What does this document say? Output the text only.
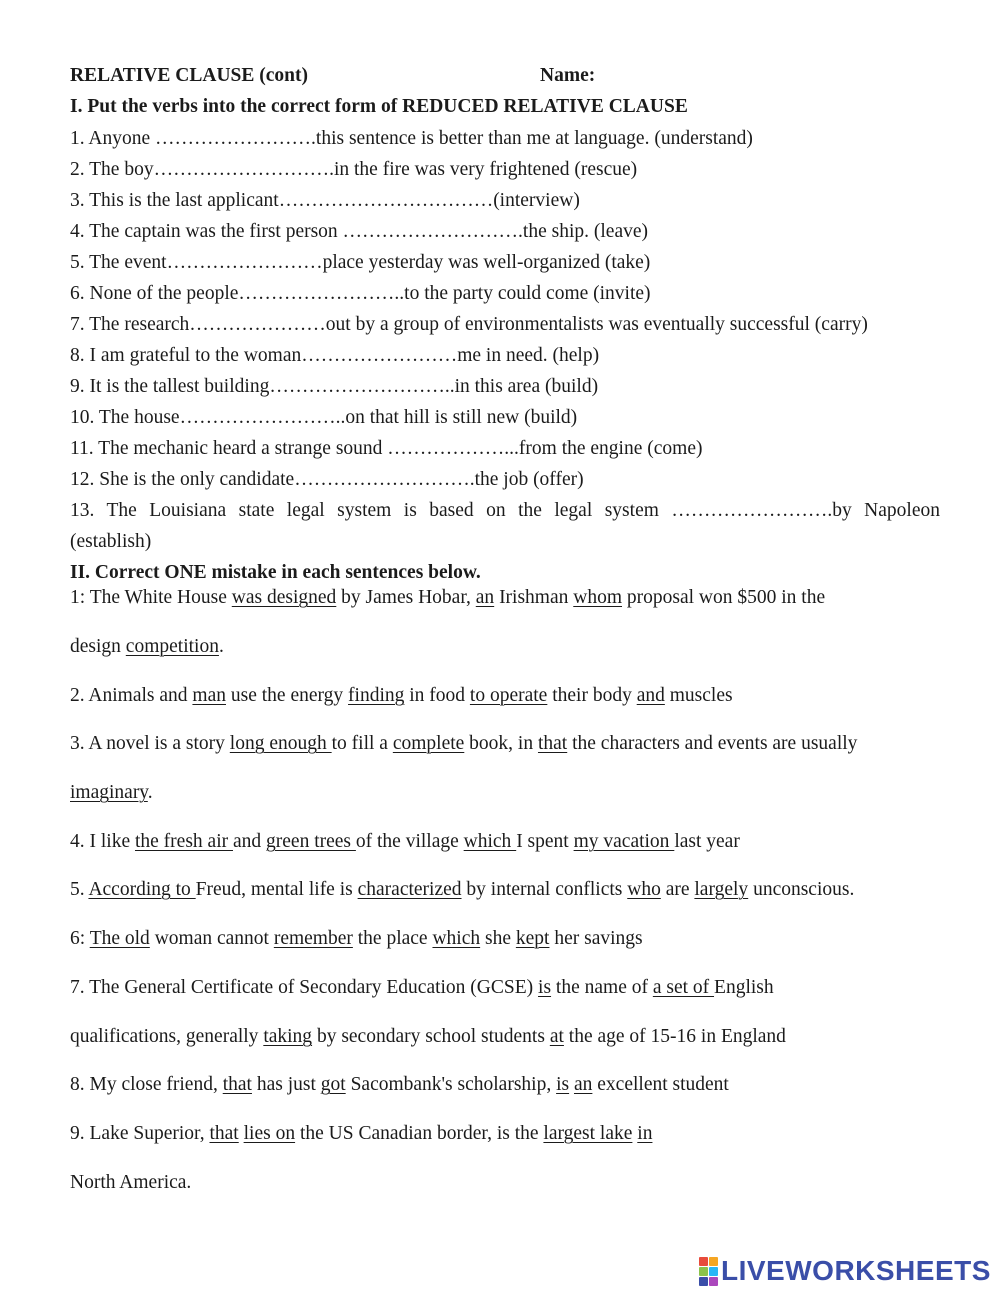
RELATIVE CLAUSE (cont)	Name:
I. Put the verbs into the correct form of REDUCED RELATIVE CLAUSE
1. Anyone …………………….this sentence is better than me at language. (understand)
2. The boy……………………….in the fire was very frightened (rescue)
3. This is the last applicant……………………………(interview)
4. The captain was the first person ……………………….the ship. (leave)
5. The event……………………place yesterday was well-organized (take)
6. None of the people……………………..to the party could come (invite)
7. The research…………………out by a group of environmentalists was eventually successful (carry)
8. I am grateful to the woman……………………me in need. (help)
9. It is the tallest building………………………..in this area (build)
10. The house……………………..on that hill is still new (build)
11. The mechanic heard a strange sound ………………...from the engine (come)
12. She is the only candidate……………………….the job (offer)
13. The Louisiana state legal system is based on the legal system …………………….by Napoleon
(establish)
II. Correct ONE mistake in each sentences below.
1: The White House was designed by James Hobar, an Irishman whom proposal won $500 in the
design competition.
2. Animals and man use the energy finding in food to operate their body and muscles
3. A novel is a story long enough to fill a complete book, in that the characters and events are usually
imaginary.
4. I like the fresh air and green trees of the village which I spent my vacation last year
5. According to Freud, mental life is characterized by internal conflicts who are largely unconscious.
6: The old woman cannot remember the place which she kept her savings
7. The General Certificate of Secondary Education (GCSE) is the name of a set of English
qualifications, generally taking by secondary school students at the age of 15-16 in England
8. My close friend, that has just got Sacombank's scholarship, is an excellent student
9. Lake Superior, that lies on the US Canadian border, is the largest lake in
North America.
LIVEWORKSHEETS
